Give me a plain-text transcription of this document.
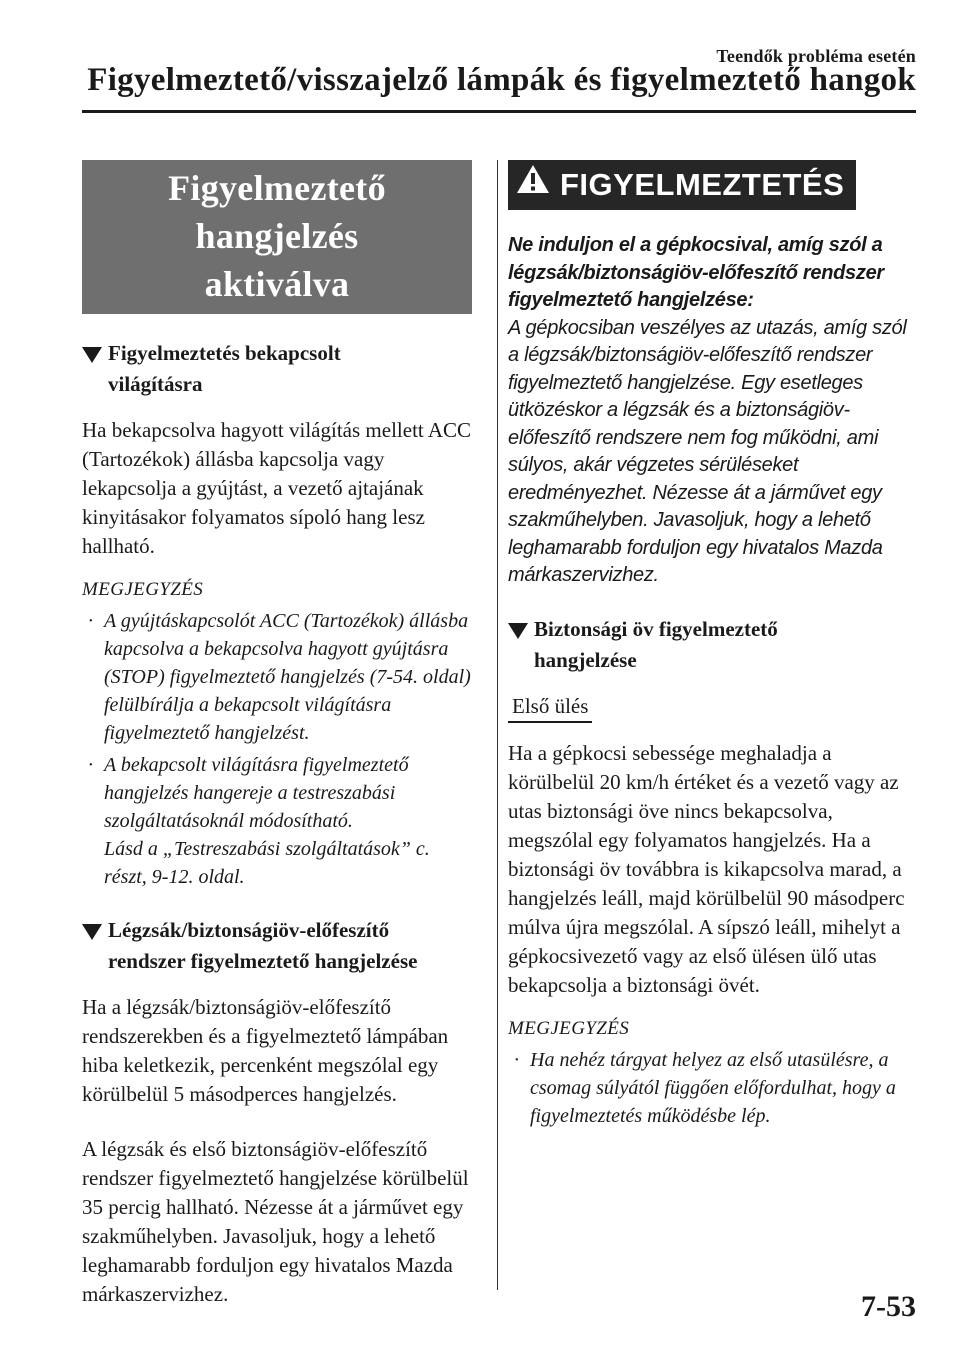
Teendők probléma esetén
Figyelmeztető/visszajelző lámpák és figyelmeztető hangok
Figyelmeztető hangjelzés
aktiválva
Figyelmeztetés bekapcsolt
világításra

Ha bekapcsolva hagyott világítás mellett ACC (Tartozékok) állásba kapcsolja vagy lekapcsolja a gyújtást, a vezető ajtajának kinyitásakor folyamatos sípoló hang lesz hallható.

MEGJEGYZÉS
· A gyújtáskapcsolót ACC (Tartozékok) állásba kapcsolva a bekapcsolva hagyott gyújtásra (STOP) figyelmeztető hangjelzés (7-54. oldal) felülbírálja a bekapcsolt világításra figyelmeztető hangjelzést.
· A bekapcsolt világításra figyelmeztető hangjelzés hangereje a testreszabási szolgáltatásoknál módosítható.
Lásd a „Testreszabási szolgáltatások” c. részt, 9-12. oldal.
Légzsák/biztonságiöv-előfeszítő
rendszer figyelmeztető hangjelzése

Ha a légzsák/biztonságiöv-előfeszítő rendszerekben és a figyelmeztető lámpában hiba keletkezik, percenként megszólal egy körülbelül 5 másodperces hangjelzés.

A légzsák és első biztonságiöv-előfeszítő rendszer figyelmeztető hangjelzése körülbelül 35 percig hallható. Nézesse át a járművet egy szakműhelyben. Javasoljuk, hogy a lehető leghamarabb forduljon egy hivatalos Mazda márkaszervizhez.

FIGYELMEZTETÉS
Ne induljon el a gépkocsival, amíg szól a légzsák/biztonságiöv-előfeszítő rendszer figyelmeztető hangjelzése:
A gépkocsiban veszélyes az utazás, amíg szól a légzsák/biztonságiöv-előfeszítő rendszer figyelmeztető hangjelzése. Egy esetleges ütközéskor a légzsák és a biztonságiöv-előfeszítő rendszere nem fog működni, ami súlyos, akár végzetes sérüléseket eredményezhet. Nézesse át a járművet egy szakműhelyben. Javasoljuk, hogy a lehető leghamarabb forduljon egy hivatalos Mazda márkaszervizhez.
Biztonsági öv figyelmeztető
hangjelzése
Első ülés

Ha a gépkocsi sebessége meghaladja a körülbelül 20 km/h értéket és a vezető vagy az utas biztonsági öve nincs bekapcsolva, megszólal egy folyamatos hangjelzés. Ha a biztonsági öv továbbra is kikapcsolva marad, a hangjelzés leáll, majd körülbelül 90 másodperc múlva újra megszólal. A sípszó leáll, mihelyt a gépkocsivezető vagy az első ülésen ülő utas bekapcsolja a biztonsági övét.

MEGJEGYZÉS
· Ha nehéz tárgyat helyez az első utasülésre, a csomag súlyától függően előfordulhat, hogy a figyelmeztetés működésbe lép.
7-53
